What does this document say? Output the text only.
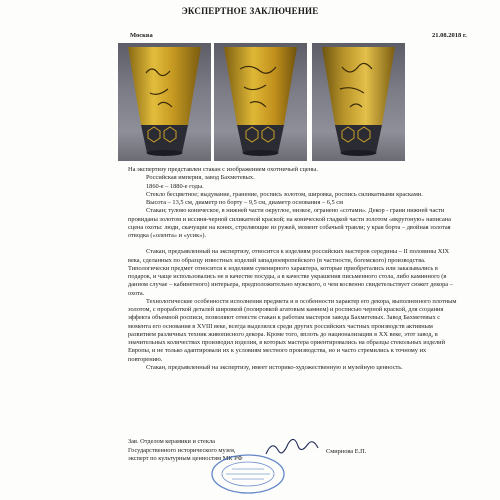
ЭКСПЕРТНОЕ ЗАКЛЮЧЕНИЕ
Москва	21.08.2018 г.

На экспертизу представлен стакан с изображением охотничьей сцены.

Российская империя, завод Бахметевых.

1860-е – 1880-е годы.

Стекло бесцветное; выдувание, гранение, роспись золотом, шировка, роспись силикатными красками.

Высота – 13,5 см, диаметр по борту – 9,5 см, диаметр основания – 6,5 см

Стакан; тулово коническое, в нижней части округлое, низкое, огранено «сотами». Декор - грани нижней части провиданы золотом и иссиня-черной силикатной краской; на конической гладкой части золотом «вкругоную» написана сцена охоты: люди, скачущие на конях, стреляющие из ружей, момент собачьей травли; у края борта – двойная золотая отводка («олента» и «усик»).

Стакан, предъявленный на экспертизу, относится к изделиям российских мастеров середины – II половины XIX века, сделанных по образцу известных изделий западноевропейского (в частности, богемского) производства. Типологически предмет относится к изделиям сувенирного характера, которые приобретались или заказывались в подарок, и чаще использовались не в качестве посуды, а в качестве украшения письменного стола, либо каминного (в данном случае – кабинетного) интерьера, предположительно мужского, о чем косвенно свидетельствует сюжет декора – охота.

Технологические особенности исполнения предмета и в особенности характер его декора, выполненного плотным золотом, с проработкой деталей шировкой (полировкой агатовым камнем) и росписью черной краской, для создания эффекта объемной росписи, позволяют отнести стакан к работам мастеров завода Бахметевых. Завод Бахметевых с момента его основания в XVIII веке, всегда выделялся среди других российских частных производств активным развитием различных техник живописного декора. Кроме того, вплоть до национализации в ХХ веке, этот завод, в значительных количествах производил изделия, в которых мастера ориентировались на образцы стекольных изделий Европы, и не только адаптировали их к условиям местного производства, но и часто стремились к точному их повторению.

Стакан, предъявленный на экспертизу, имеет историко-художественную и музейную ценность.

Зав. Отделом керамики и стекла

Государственного исторического музея,

эксперт по культурным ценностям МК РФ

Смирнова Е.П.
